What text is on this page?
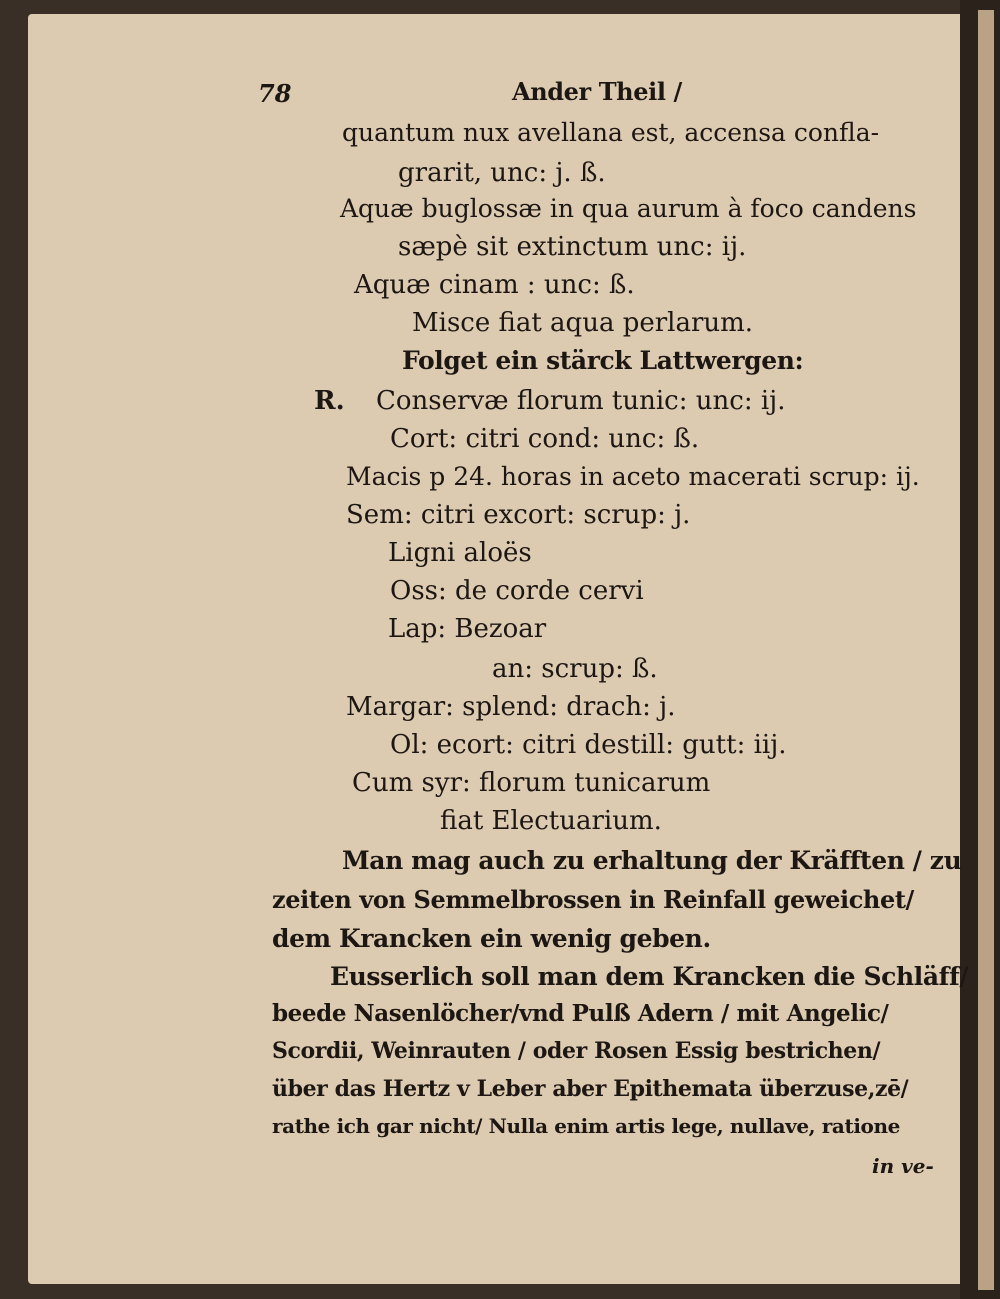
78	Ander Theil /
quantum nux avellana est, accensa confla-
grarit, unc: j. ß.
Aquæ buglossæ in qua aurum à foco candens
sæpè sit extinctum unc: ij.
Aquæ cinam : unc: ß.
Misce fiat aqua perlarum.
Folget ein stärck Lattwergen:
R. Conservæ florum tunic: unc: ij.
Cort: citri cond: unc: ß.
Macis p 24. horas in aceto macerati scrup: ij.
Sem: citri excort: scrup: j.
Ligni aloës
Oss: de corde cervi
Lap: Bezoar
an: scrup: ß.
Margar: splend: drach: j.
Ol: ecort: citri destill: gutt: iij.
Cum syr: florum tunicarum
fiat Electuarium.
Man mag auch zu erhaltung der Kräfften / zu
zeiten von Semmelbrossen in Reinfall geweichet/
dem Krancken ein wenig geben.
Eusserlich soll man dem Krancken die Schläff/
beede Nasenlöcher/vnd Pulß Adern / mit Angelic/
Scordii, Weinrauten / oder Rosen Essig bestrichen/
über das Hertz v Leber aber Epithemata überzuse,zē/
rathe ich gar nicht/ Nulla enim artis lege, nullave, ratione
in ve-
